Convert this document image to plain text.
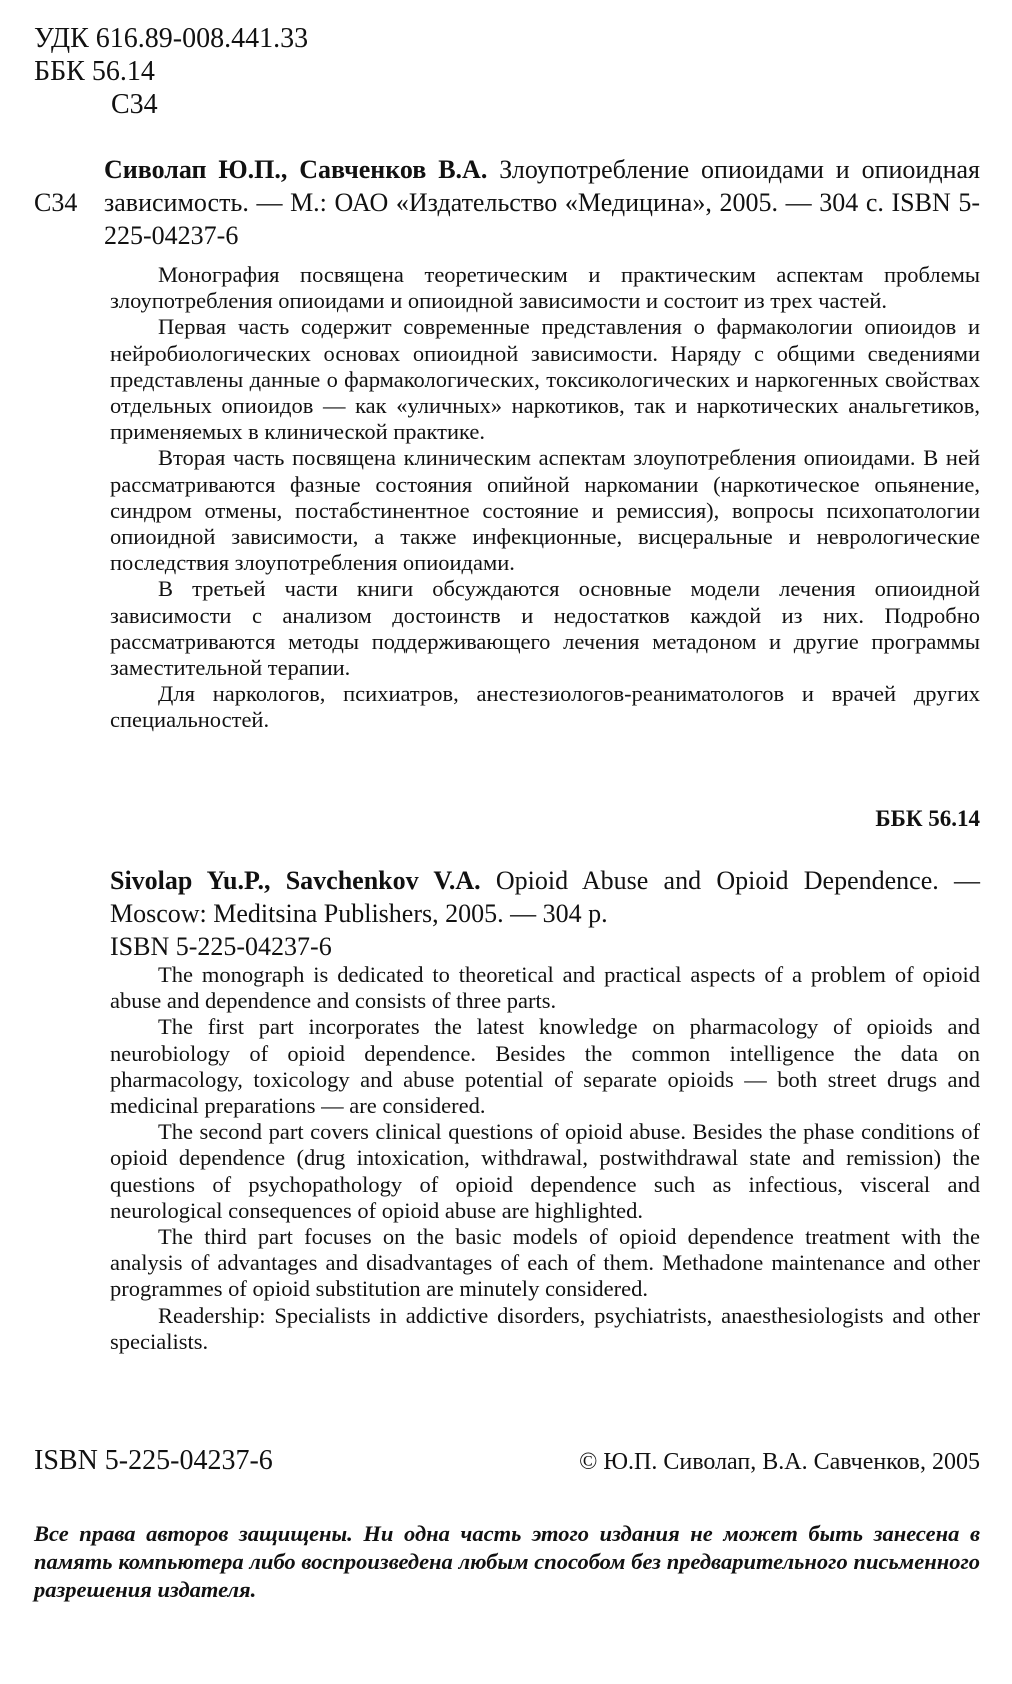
УДК 616.89-008.441.33
ББК 56.14
С34
С34
Сиволап Ю.П., Савченков В.А. Злоупотребление опиоидами и опиоидная зависимость. — М.: ОАО «Издательство «Медицина», 2005. — 304 с. ISBN 5-225-04237-6

Монография посвящена теоретическим и практическим аспектам проблемы злоупотребления опиоидами и опиоидной зависимости и состоит из трех частей.

Первая часть содержит современные представления о фармакологии опиоидов и нейробиологических основах опиоидной зависимости. Наряду с общими сведениями представлены данные о фармакологических, токсикологических и наркогенных свойствах отдельных опиоидов — как «уличных» наркотиков, так и наркотических анальгетиков, применяемых в клинической практике.

Вторая часть посвящена клиническим аспектам злоупотребления опиоидами. В ней рассматриваются фазные состояния опийной наркомании (наркотическое опьянение, синдром отмены, постабстинентное состояние и ремиссия), вопросы психопатологии опиоидной зависимости, а также инфекционные, висцеральные и неврологические последствия злоупотребления опиоидами.

В третьей части книги обсуждаются основные модели лечения опиоидной зависимости с анализом достоинств и недостатков каждой из них. Подробно рассматриваются методы поддерживающего лечения метадоном и другие программы заместительной терапии.

Для наркологов, психиатров, анестезиологов-реаниматологов и врачей других специальностей.

ББК 56.14
Sivolap Yu.P., Savchenkov V.A. Opioid Abuse and Opioid Dependence. — Moscow: Meditsina Publishers, 2005. — 304 p.
ISBN 5-225-04237-6

The monograph is dedicated to theoretical and practical aspects of a problem of opioid abuse and dependence and consists of three parts.

The first part incorporates the latest knowledge on pharmacology of opioids and neurobiology of opioid dependence. Besides the common intelligence the data on pharmacology, toxicology and abuse potential of separate opioids — both street drugs and medicinal preparations — are considered.

The second part covers clinical questions of opioid abuse. Besides the phase conditions of opioid dependence (drug intoxication, withdrawal, postwithdrawal state and remission) the questions of psychopathology of opioid dependence such as infectious, visceral and neurological consequences of opioid abuse are highlighted.

The third part focuses on the basic models of opioid dependence treatment with the analysis of advantages and disadvantages of each of them. Methadone maintenance and other programmes of opioid substitution are minutely considered.

Readership: Specialists in addictive disorders, psychiatrists, anaesthesiologists and other specialists.

ISBN 5-225-04237-6	© Ю.П. Сиволап, В.А. Савченков, 2005
Все права авторов защищены. Ни одна часть этого издания не может быть занесена в память компьютера либо воспроизведена любым способом без предварительного письменного разрешения издателя.
